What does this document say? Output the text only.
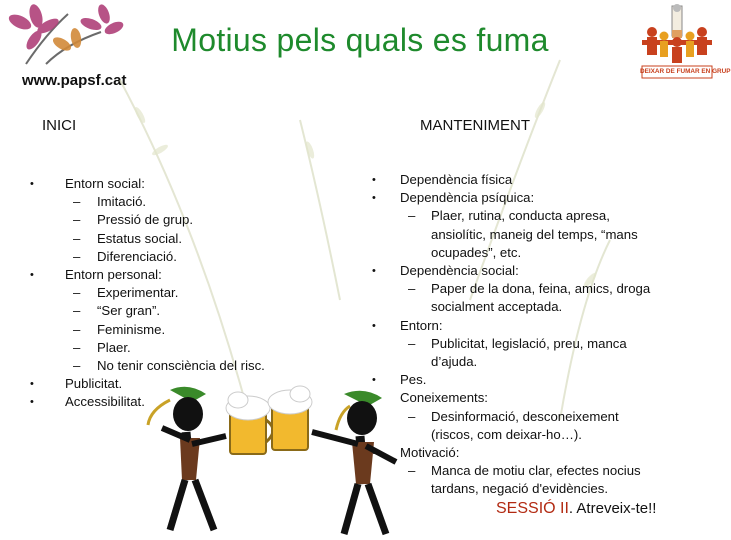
www.papsf.cat
DEIXAR DE FUMAR EN GRUP
Motius pels quals es fuma
INICI	MANTENIMENT
• Entorn social:
– Imitació.
– Pressió de grup.
– Estatus social.
– Diferenciació.
• Entorn personal:
– Experimentar.
– “Ser gran”.
– Feminisme.
– Plaer.
– No tenir consciència del risc.
• Publicitat.
• Accessibilitat.
• Dependència física
• Dependència psíquica:
– Plaer, rutina, conducta apresa,
ansiolític, maneig del temps, “mans
ocupades”, etc.
• Dependència social:
– Paper de la dona, feina, amics, droga
socialment acceptada.
• Entorn:
– Publicitat, legislació, preu, manca
d’ajuda.
• Pes.
Coneixements:
– Desinformació, desconeixement
(riscos, com deixar-ho…).
Motivació:
– Manca de motiu clar, efectes nocius
tardans, negació d'evidències.
SESSIÓ II. Atreveix-te!!
